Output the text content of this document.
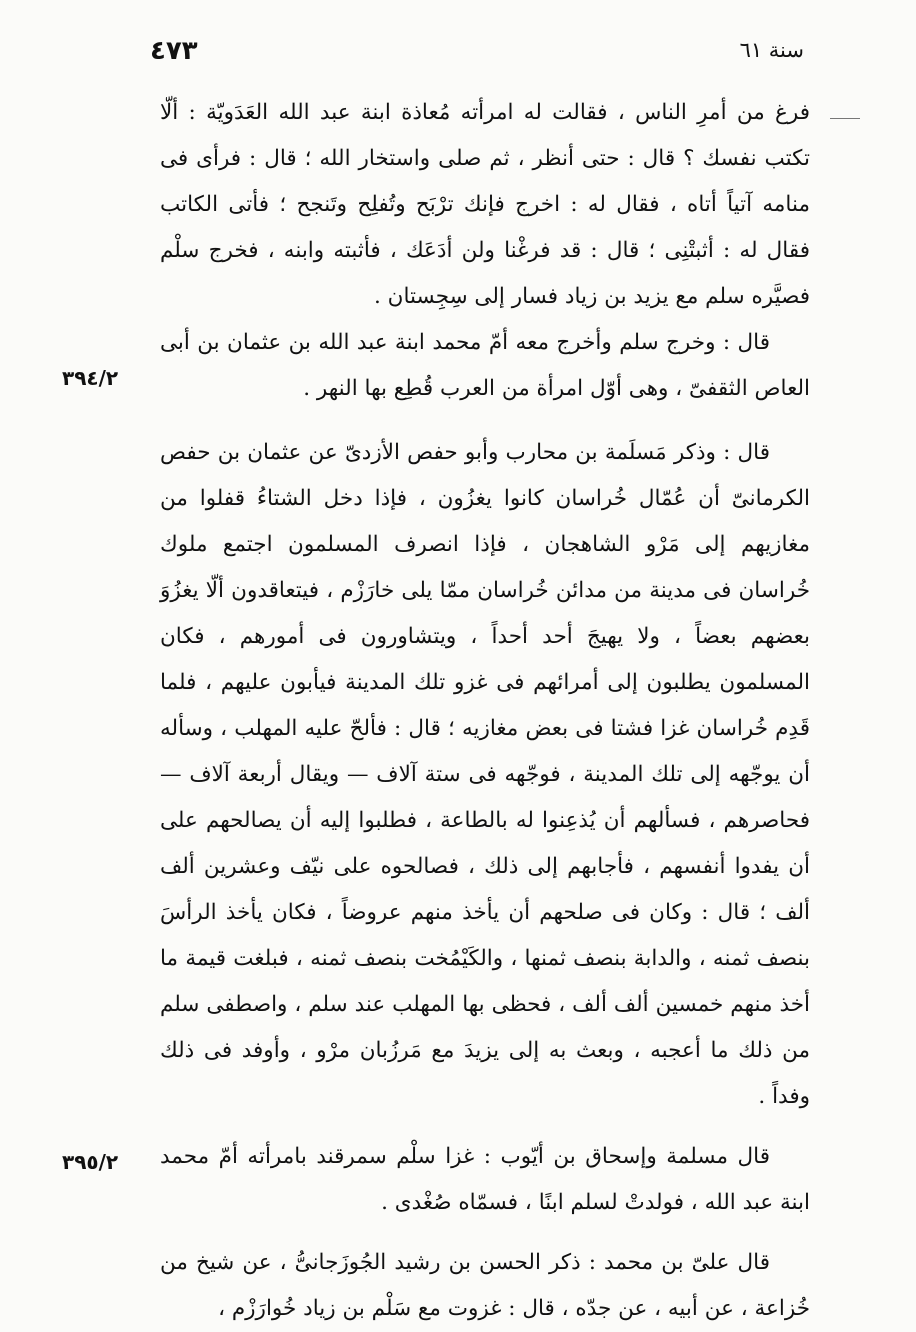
٤٧٣	سنة ٦١
٣٩٤/٢
٣٩٥/٢

فرغ من أمرِ الناس ، فقالت له امرأته مُعاذة ابنة عبد الله العَدَويّة : ألّا تكتب نفسك ؟ قال : حتى أنظر ، ثم صلى واستخار الله ؛ قال : فرأى فى منامه آتياً أتاه ، فقال له : اخرج فإنك ترْبَح وتُفلِح وتَنجح ؛ فأتى الكاتب فقال له : أثبتْنِى ؛ قال : قد فرغْنا ولن أدَعَك ، فأثبته وابنه ، فخرج سلْم فصيَّره سلم مع يزيد بن زياد فسار إلى سِجِستان .

قال : وخرج سلم وأخرج معه أمّ محمد ابنة عبد الله بن عثمان بن أبى العاص الثقفىّ ، وهى أوّل امرأة من العرب قُطِع بها النهر .

قال : وذكر مَسلَمة بن محارب وأبو حفص الأزدىّ عن عثمان بن حفص الكرمانىّ أن عُمّال خُراسان كانوا يغزُون ، فإذا دخل الشتاءُ قفلوا من مغازيهم إلى مَرْو الشاهجان ، فإذا انصرف المسلمون اجتمع ملوك خُراسان فى مدينة من مدائن خُراسان ممّا يلى خارَزْم ، فيتعاقدون ألّا يغزُوَ بعضهم بعضاً ، ولا يهيجَ أحد أحداً ، ويتشاورون فى أمورهم ، فكان المسلمون يطلبون إلى أمرائهم فى غزو تلك المدينة فيأبون عليهم ، فلما قَدِم خُراسان غزا فشتا فى بعض مغازيه ؛ قال : فألحّ عليه المهلب ، وسأله أن يوجّهه إلى تلك المدينة ، فوجّهه فى ستة آلاف — ويقال أربعة آلاف — فحاصرهم ، فسألهم أن يُذعِنوا له بالطاعة ، فطلبوا إليه أن يصالحهم على أن يفدوا أنفسهم ، فأجابهم إلى ذلك ، فصالحوه على نيّف وعشرين ألف ألف ؛ قال : وكان فى صلحهم أن يأخذ منهم عروضاً ، فكان يأخذ الرأسَ بنصف ثمنه ، والدابة بنصف ثمنها ، والكَيْمُخت بنصف ثمنه ، فبلغت قيمة ما أخذ منهم خمسين ألف ألف ، فحظى بها المهلب عند سلم ، واصطفى سلم من ذلك ما أعجبه ، وبعث به إلى يزيدَ مع مَرزُبان مرْو ، وأوفد فى ذلك وفداً .

قال مسلمة وإسحاق بن أيّوب : غزا سلْم سمرقند بامرأته أمّ محمد ابنة عبد الله ، فولدتْ لسلم ابنًا ، فسمّاه صُغْدى .

قال علىّ بن محمد : ذكر الحسن بن رشيد الجُوزَجانىُّ ، عن شيخ من خُزاعة ، عن أبيه ، عن جدّه ، قال : غزوت مع سَلْم بن زياد خُوارَزْم ،
